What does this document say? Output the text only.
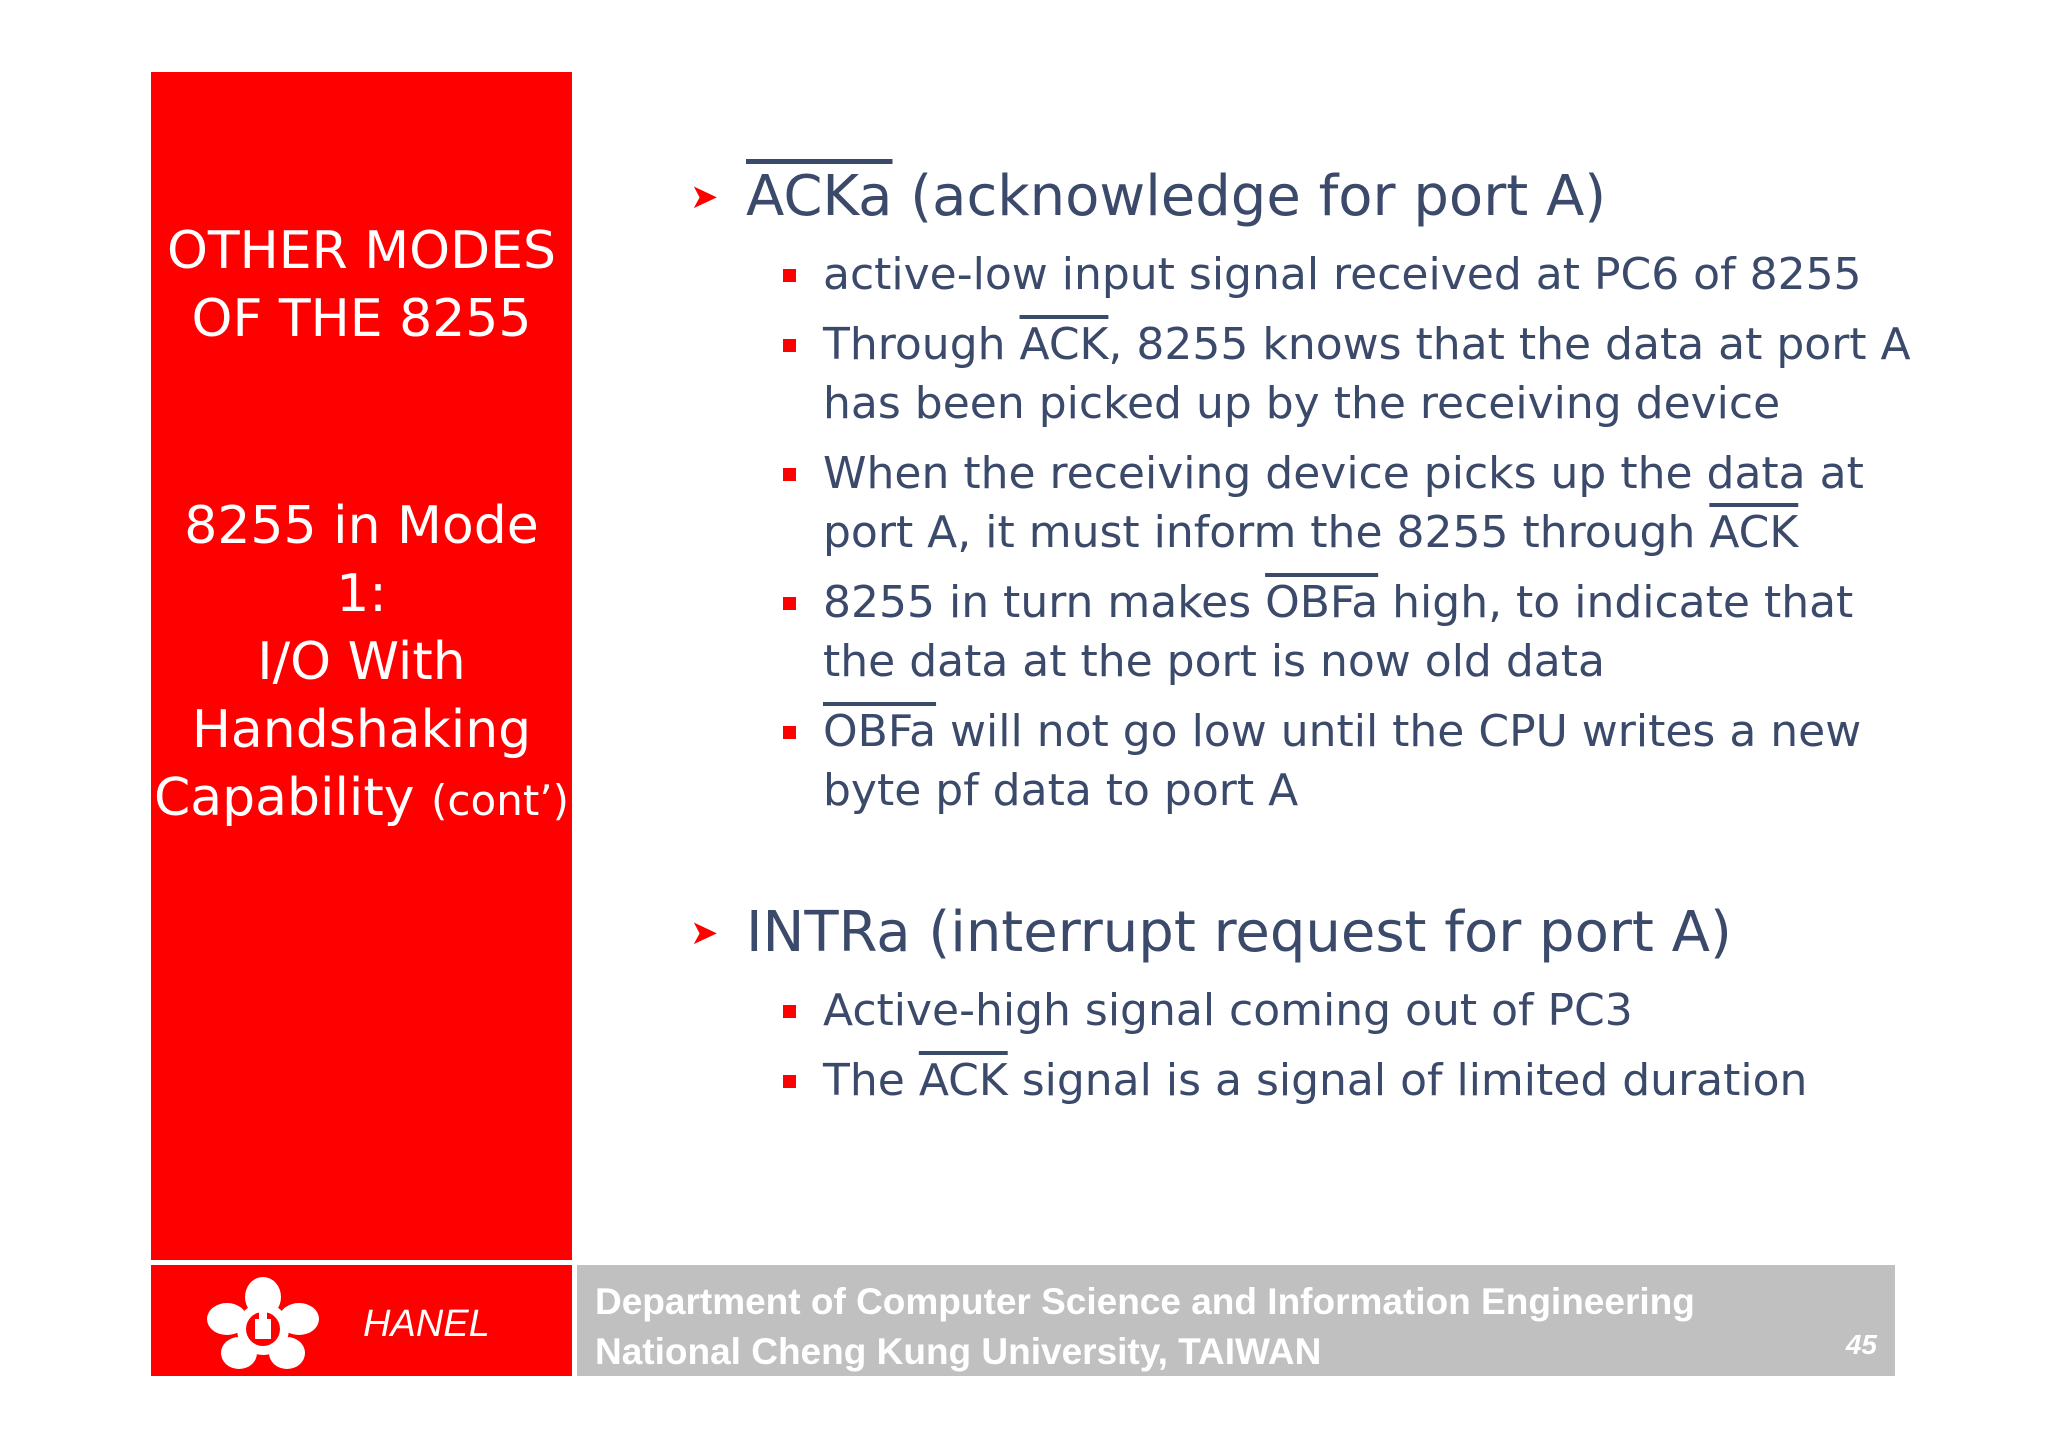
OTHER MODES
OF THE 8255
8255 in Mode 1:
I/O With
Handshaking
Capability (cont’)
➤ ACKa (acknowledge for port A)
active-low input signal received at PC6 of 8255
Through $\overline{ACK}$, 8255 knows that the data at port A has been picked up by the receiving device
When the receiving device picks up the data at port A, it must inform the 8255 through $\overline{ACK}$
8255 in turn makes OBFa high, to indicate that the data at the port is now old data
OBFa will not go low until the CPU writes a new byte pf data to port A
➤ INTRa (interrupt request for port A)
Active-high signal coming out of PC3
The $\overline{ACK}$ signal is a signal of limited duration
HANEL
Department of Computer Science and Information Engineering
National Cheng Kung University, TAIWAN	45
